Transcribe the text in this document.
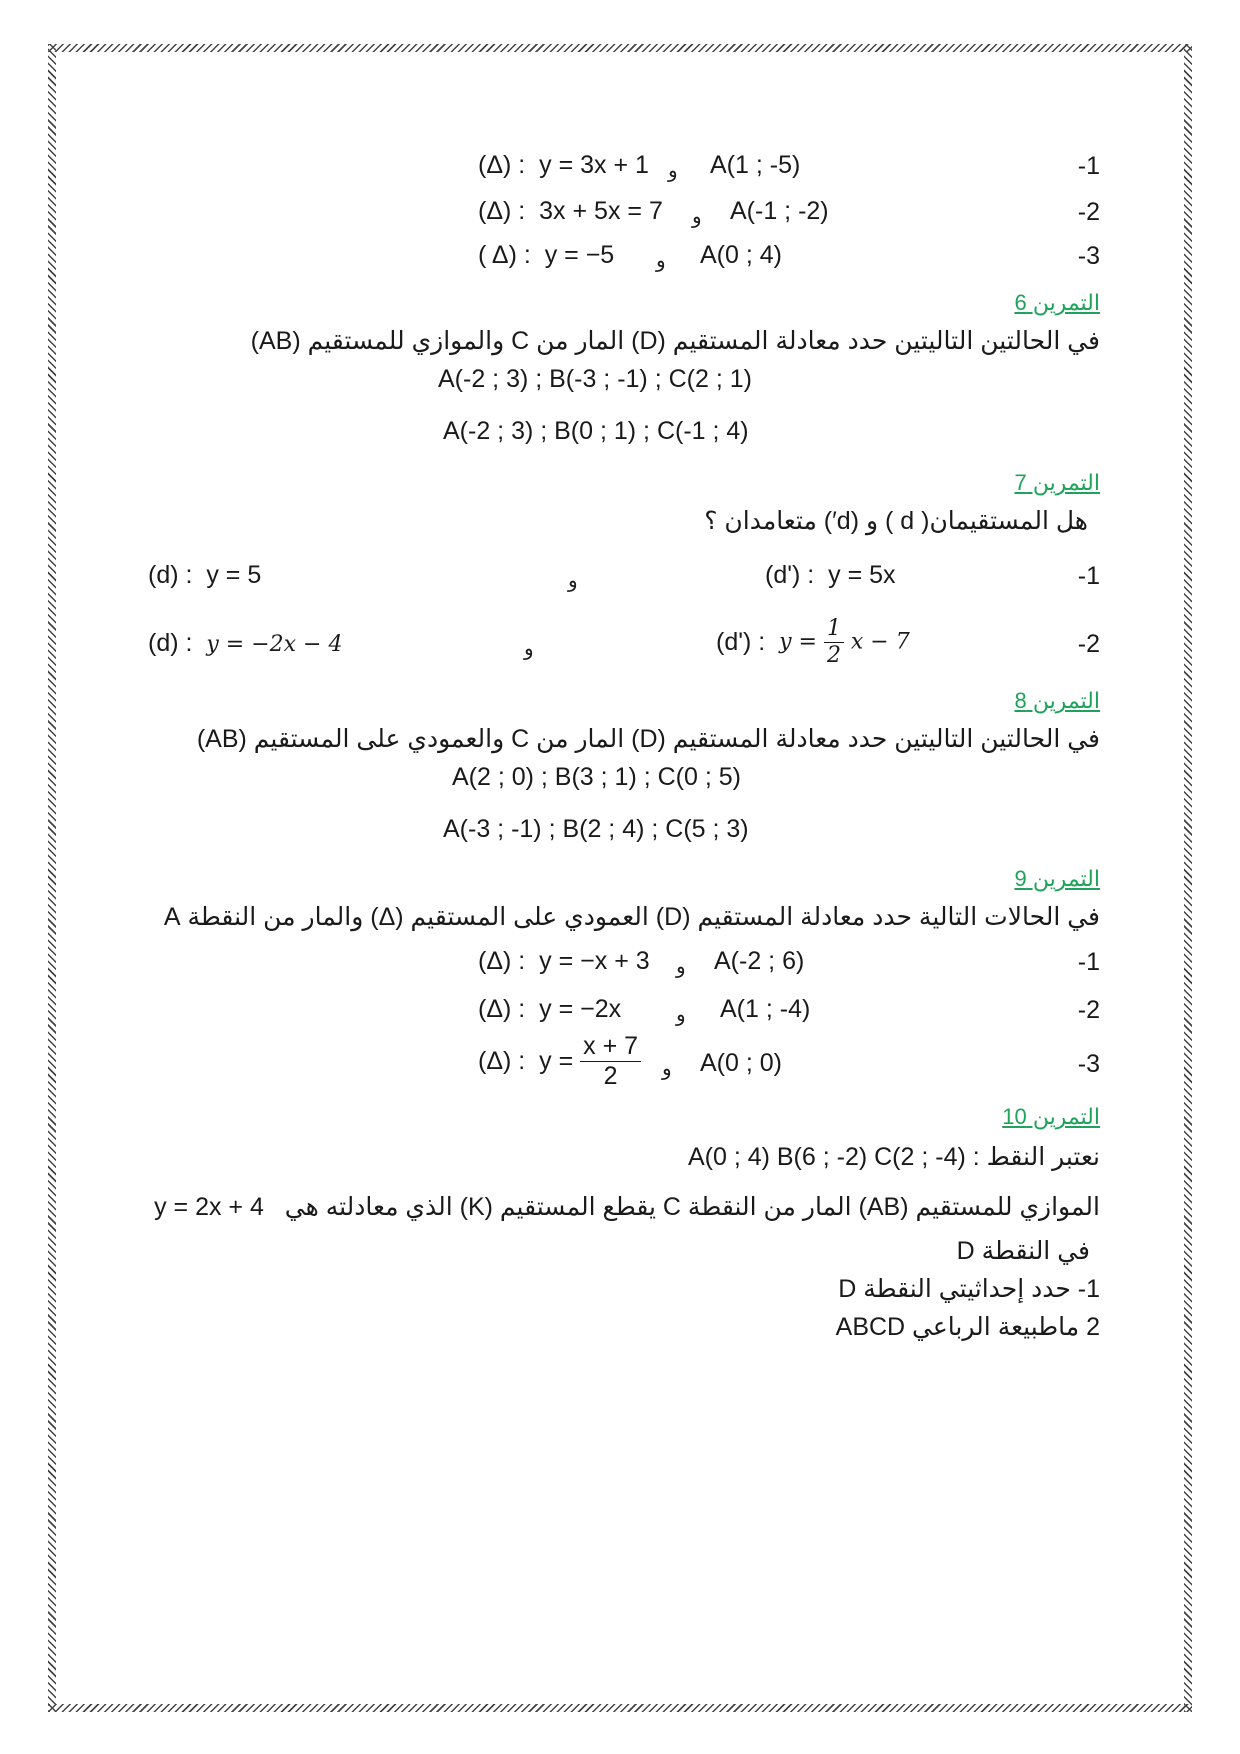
-1
(Δ) : y = 3x + 1 و A(1 ; -5)
-2
(Δ) : 3x + 5x = 7 و A(-1 ; -2)
-3
( Δ) : y = −5 و A(0 ; 4)
التمرين 6
في الحالتين التاليتين حدد معادلة المستقيم (D) المار من C والموازي للمستقيم (AB)
A(-2 ; 3) ; B(-3 ; -1) ; C(2 ; 1)
A(-2 ; 3) ; B(0 ; 1) ; C(-1 ; 4)
التمرين 7
هل المستقيمان( d ) و (d′) متعامدان ؟
-1
(d') : y = 5x
و
(d) : y = 5
-2
(d') : $y = \frac{1}{2}$ x − 7
و
(d) : y = −2x − 4
التمرين 8
في الحالتين التاليتين حدد معادلة المستقيم (D) المار من C والعمودي على المستقيم (AB)
A(2 ; 0) ; B(3 ; 1) ; C(0 ; 5)
A(-3 ; -1) ; B(2 ; 4) ; C(5 ; 3)
التمرين 9
في الحالات التالية حدد معادلة المستقيم (D) العمودي على المستقيم (Δ) والمار من النقطة A
-1
(Δ) : y = −x + 3 و A(-2 ; 6)
-2
(Δ) : y = −2x	و A(1 ; -4)
-3
(Δ) : $y = \frac{x + 7}{2}$ و A(0 ; 0)
التمرين 10
نعتبر النقط : A(0 ; 4) B(6 ; -2) C(2 ; -4)
الموازي للمستقيم (AB) المار من النقطة C يقطع المستقيم (K) الذي معادلته هي   y = 2x + 4
في النقطة D
1- حدد إحداثيتي النقطة D
2 ماطبيعة الرباعي ABCD
